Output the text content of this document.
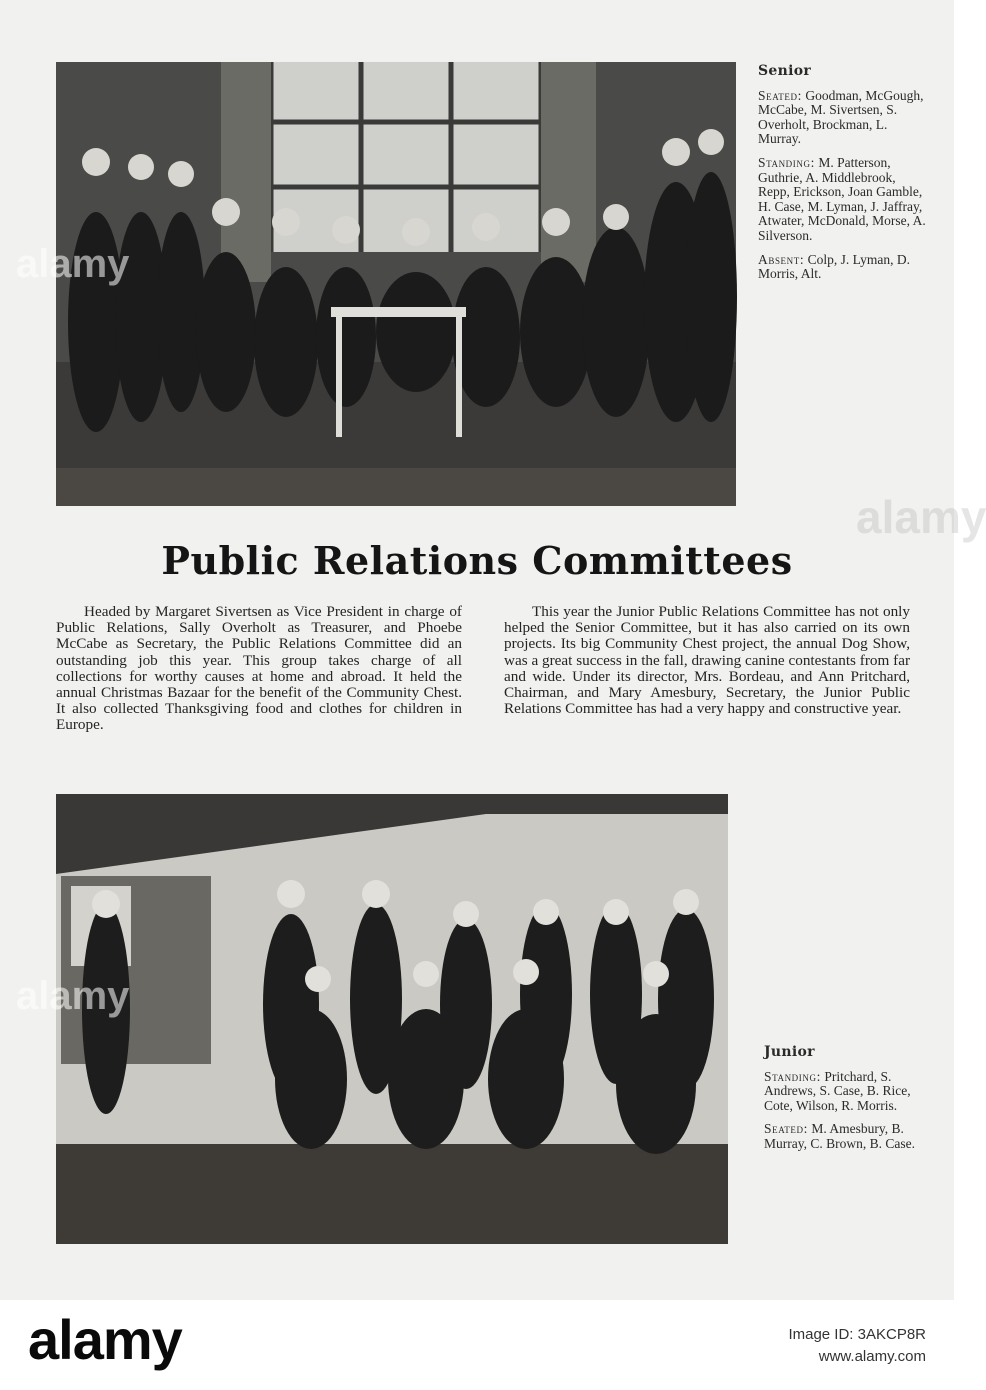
alamy
Senior
Seated: Goodman, McGough, McCabe, M. Sivertsen, S. Overholt, Brockman, L. Murray.
Standing: M. Patterson, Guthrie, A. Middlebrook, Repp, Erickson, Joan Gamble, H. Case, M. Lyman, J. Jaffray, Atwater, McDonald, Morse, A. Silverson.
Absent: Colp, J. Lyman, D. Morris, Alt.
Public Relations Committees
Headed by Margaret Sivertsen as Vice President in charge of Public Relations, Sally Overholt as Treasurer, and Phoebe McCabe as Secretary, the Public Relations Committee did an outstanding job this year. This group takes charge of all collections for worthy causes at home and abroad. It held the annual Christmas Bazaar for the benefit of the Community Chest. It also collected Thanksgiving food and clothes for children in Europe.
This year the Junior Public Relations Committee has not only helped the Senior Committee, but it has also carried on its own projects. Its big Community Chest project, the annual Dog Show, was a great success in the fall, drawing canine contestants from far and wide. Under its director, Mrs. Bordeau, and Ann Pritchard, Chairman, and Mary Amesbury, Secretary, the Junior Public Relations Committee has had a very happy and constructive year.
alamy
Junior
Standing: Pritchard, S. Andrews, S. Case, B. Rice, Cote, Wilson, R. Morris.
Seated: M. Amesbury, B. Murray, C. Brown, B. Case.
alamy
alamy	Image ID: 3AKCP8R
www.alamy.com
